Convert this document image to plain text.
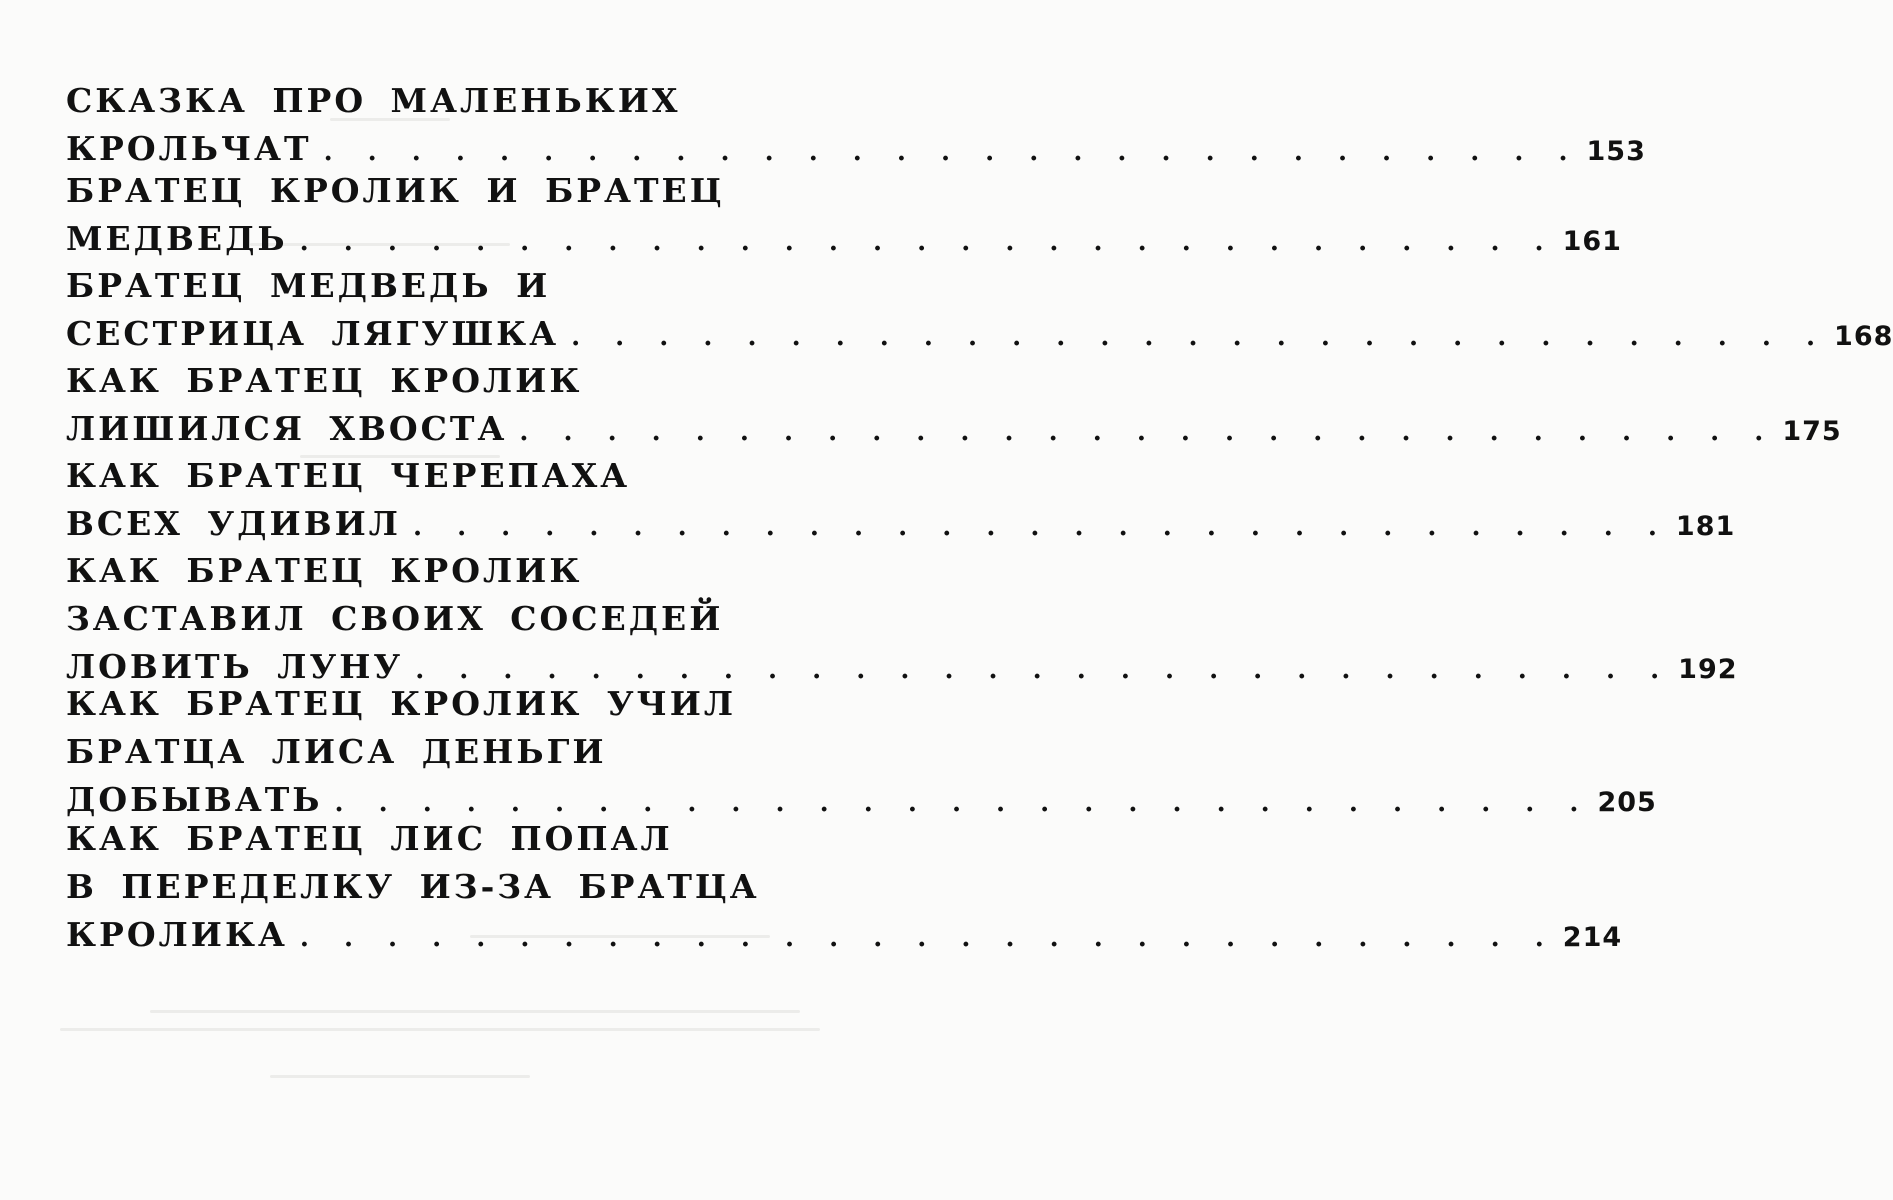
СКАЗКА ПРО МАЛЕНЬКИХ
КРОЛЬЧАТ . . . . . . . . . . . . . . . . . . . . . . . . . . . . . 153
БРАТЕЦ КРОЛИК И БРАТЕЦ
МЕДВЕДЬ . . . . . . . . . . . . . . . . . . . . . . . . . . . . . 161
БРАТЕЦ МЕДВЕДЬ И
СЕСТРИЦА ЛЯГУШКА . . . . . . . . . . . . . . . . . . . . . . . . . . . . . 168
КАК БРАТЕЦ КРОЛИК
ЛИШИЛСЯ ХВОСТА . . . . . . . . . . . . . . . . . . . . . . . . . . . . . 175
КАК БРАТЕЦ ЧЕРЕПАХА
ВСЕХ УДИВИЛ . . . . . . . . . . . . . . . . . . . . . . . . . . . . . 181
КАК БРАТЕЦ КРОЛИК
ЗАСТАВИЛ СВОИХ СОСЕДЕЙ
ЛОВИТЬ ЛУНУ . . . . . . . . . . . . . . . . . . . . . . . . . . . . . 192
КАК БРАТЕЦ КРОЛИК УЧИЛ
БРАТЦА ЛИСА ДЕНЬГИ
ДОБЫВАТЬ . . . . . . . . . . . . . . . . . . . . . . . . . . . . . 205
КАК БРАТЕЦ ЛИС ПОПАЛ
В ПЕРЕДЕЛКУ ИЗ-ЗА БРАТЦА
КРОЛИКА . . . . . . . . . . . . . . . . . . . . . . . . . . . . . 214
